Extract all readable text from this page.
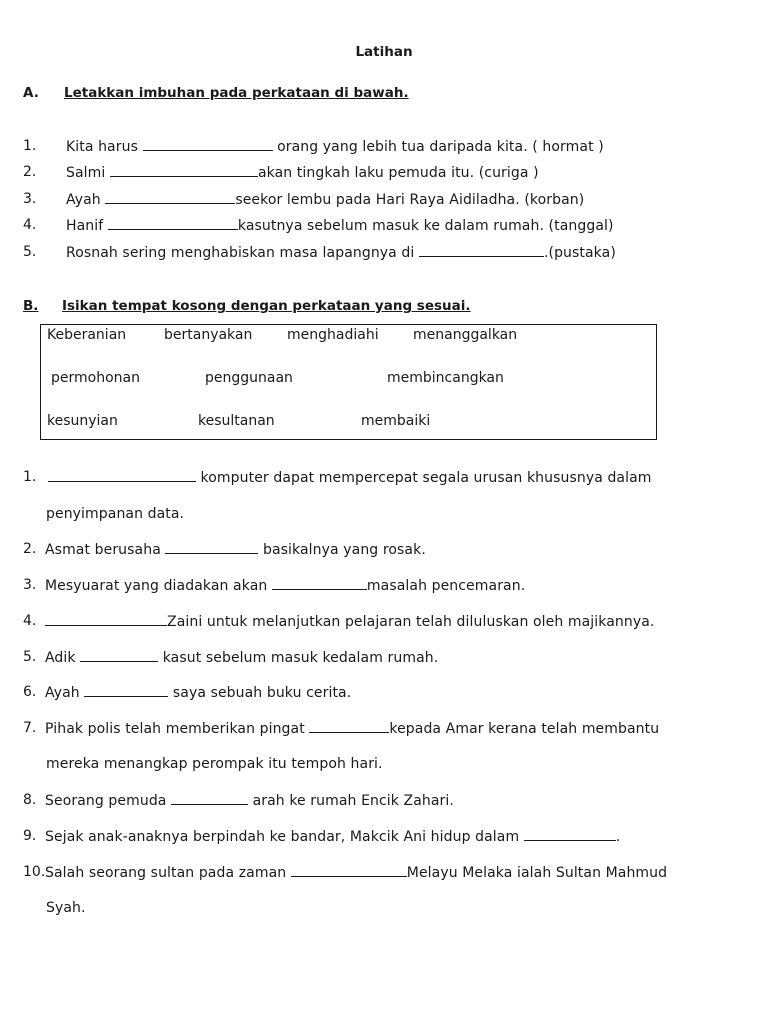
Latihan
A. Letakkan imbuhan pada perkataan di bawah.
1. Kita harus	orang yang lebih tua daripada kita. ( hormat )
2. Salmi	akan tingkah laku pemuda itu. (curiga )
3. Ayah	seekor lembu pada Hari Raya Aidiladha. (korban)
4. Hanif	kasutnya sebelum masuk ke dalam rumah. (tanggal)
5. Rosnah sering menghabiskan masa lapangnya di	.(pustaka)
B. Isikan tempat kosong dengan perkataan yang sesuai.
Keberanian	bertanyakan menghadiahi menanggalkan
permohonan	penggunaan	membincangkan
kesunyian	kesultanan	membaiki
1.	komputer dapat mempercepat segala urusan khususnya dalam
penyimpanan data.
2. Asmat berusaha	basikalnya yang rosak.
3. Mesyuarat yang diadakan akan	masalah pencemaran.
4.	Zaini untuk melanjutkan pelajaran telah diluluskan oleh majikannya.
5. Adik	kasut sebelum masuk kedalam rumah.
6. Ayah	saya sebuah buku cerita.
7. Pihak polis telah memberikan pingat	kepada Amar kerana telah membantu
mereka menangkap perompak itu tempoh hari.
8. Seorang pemuda	arah ke rumah Encik Zahari.
9. Sejak anak-anaknya berpindah ke bandar, Makcik Ani hidup dalam	.
10. Salah seorang sultan pada zaman	Melayu Melaka ialah Sultan Mahmud
Syah.
